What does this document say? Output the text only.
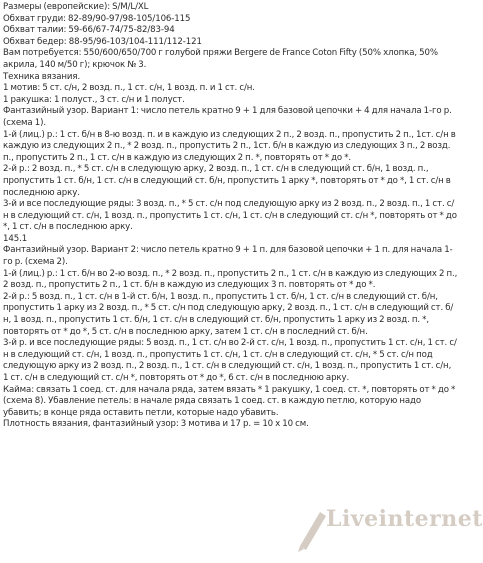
Размеры (европейские): S/M/L/XL

Обхват груди: 82-89/90-97/98-105/106-115

Обхват талии: 59-66/67-74/75-82/83-94

Обхват бедер: 88-95/96-103/104-111/112-121

Вам потребуется: 550/600/650/700 г голубой пряжи Bergere de France Coton Fifty (50% хлопка, 50% акрила, 140 м/50 г); крючок № 3.

Техника вязания.

1 мотив: 5 ст. с/н, 2 возд. п., 1 ст. с/н, 1 возд. п. и 1 ст. с/н.

1 ракушка: 1 полуст., 3 ст. с/н и 1 полуст.

Фантазийный узор. Вариант 1: число петель кратно 9 + 1 для базовой цепочки + 4 для начала 1-го р. (схема 1).

1-й (лиц.) р.: 1 ст. б/н в 8-ю возд. п. и в каждую из следующих 2 п., 2 возд. п., пропустить 2 п., 1ст. с/н в каждую из следующих 2 п., * 2 возд. п., пропустить 2 п., 1ст. б/н в каждую из следующих 3 п., 2 возд. п., пропустить 2 п., 1 ст. с/н в каждую из следующих 2 п. *, повторять от * до *.

2-й р.: 2 возд. п., * 5 ст. с/н в следующую арку, 2 возд. п., 1 ст. с/н в следующий ст. б/н, 1 возд. п., пропустить 1 ст. б/н, 1 ст. с/н в следующий ст. б/н, пропустить 1 арку *, повторять от * до *, 1 ст. с/н в последнюю арку.

3-й и все последующие ряды: 3 возд. п., * 5 ст. с/н под следующую арку из 2 возд. п., 2 возд. п., 1 ст. с/н в следующий ст. с/н, 1 возд. п., пропустить 1 ст. с/н, 1 ст. с/н в следующий ст. с/н *, повторять от * до *, 1 ст. с/н в последнюю арку.

145.1

Фантазийный узор. Вариант 2: число петель кратно 9 + 1 п. для базовой цепочки + 1 п. для начала 1-го р. (схема 2).

1-й (лиц.) р.: 1 ст. б/н во 2-ю возд. п., * 2 возд. п., пропустить 2 п., 1 ст. с/н в каждую из следующих 2 п., 2 возд. п., пропустить 2 п., 1 ст. б/н в каждую из следующих 3 п. повторять от * до *.

2-й р.: 5 возд. п., 1 ст. с/н в 1-й ст. б/н, 1 возд. п., пропустить 1 ст. б/н, 1 ст. с/н в следующий ст. б/н, пропустить 1 арку из 2 возд. п., * 5 ст. с/н под следующую арку, 2 возд. п., 1 ст. с/н в следующий ст. б/н, 1 возд. п., пропустить 1 ст. б/н, 1 ст. с/н в следующий ст. б/н, пропустить 1 арку из 2 возд. п. *, повторять от * до *, 5 ст. с/н в последнюю арку, затем 1 ст. с/н в последний ст. б/н.

3-й р. и все последующие ряды: 5 возд. п., 1 ст. с/н во 2-й ст. с/н, 1 возд. п., пропустить 1 ст. с/н, 1 ст. с/н в следующий ст. с/н, 1 возд. п., пропустить 1 ст. с/н, 1 ст. с/н в следующий ст. с/н, * 5 ст. с/н под следующую арку из 2 возд. п., 2 возд. п., 1 ст. с/н в следующий ст. с/н, 1 возд. п., пропустить 1 ст. с/н, 1 ст. с/н в следующий ст. с/н *, повторять от * до *, 6 ст. с/н в последнюю арку.

Кайма: связать 1 соед. ст. для начала ряда, затем вязать * 1 ракушку, 1 соед. ст. *, повторять от * до * (схема 8). Убавление петель: в начале ряда связать 1 соед. ст. в каждую петлю, которую надо убавить; в конце ряда оставить петли, которые надо убавить.

Плотность вязания, фантазийный узор: 3 мотива и 17 р. = 10 x 10 см.

Liveinternet
